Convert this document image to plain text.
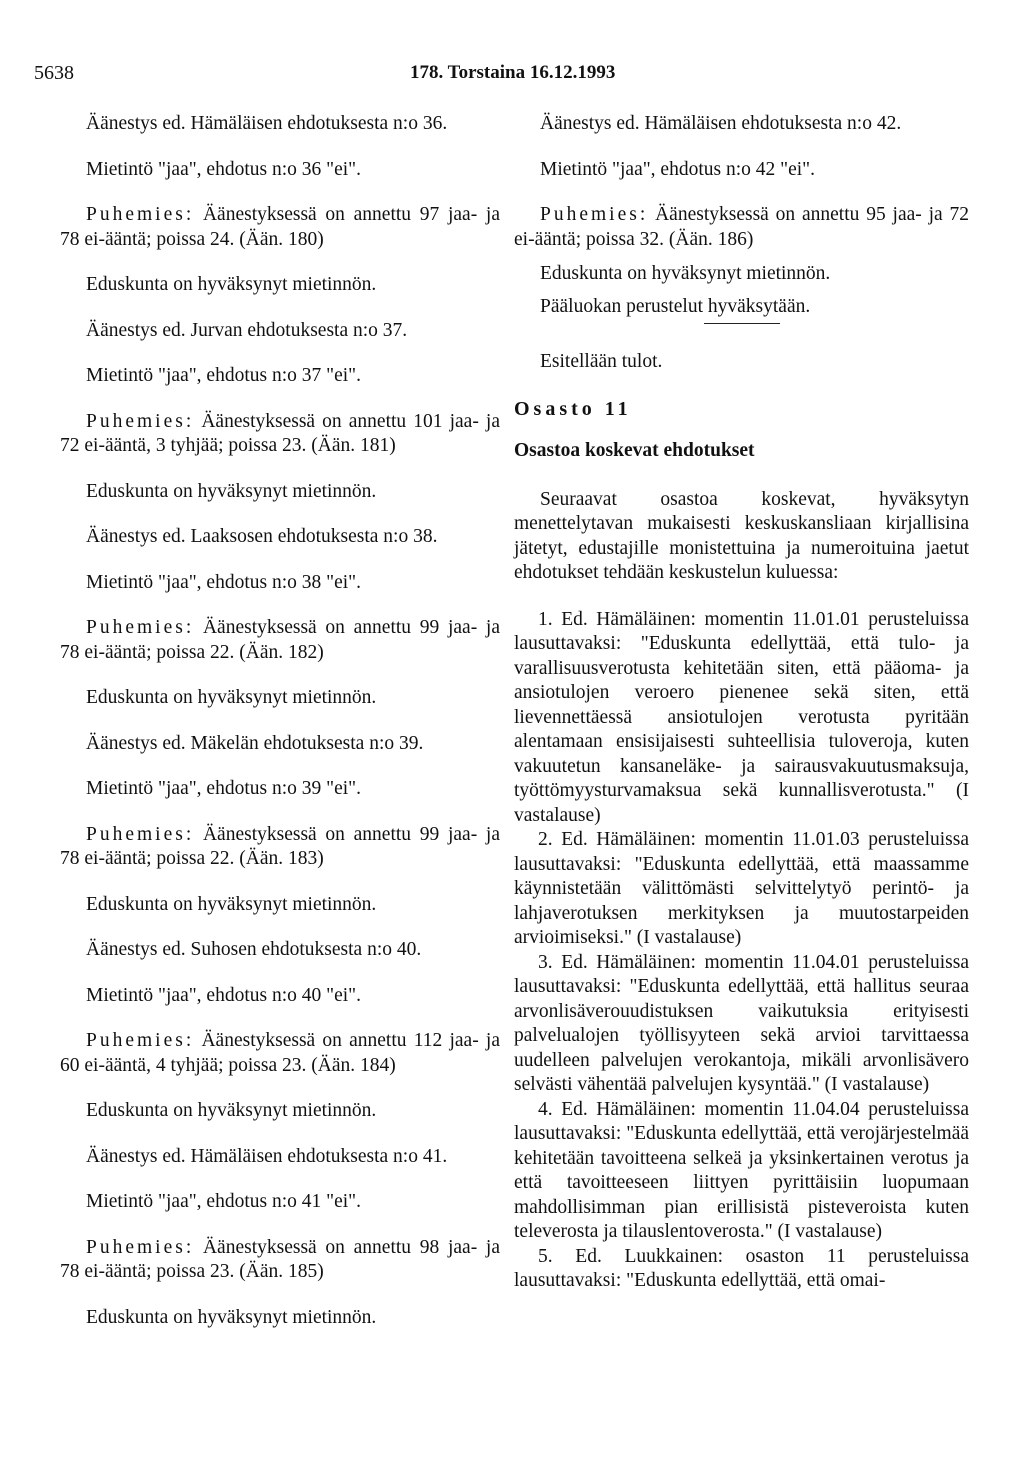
5638	178. Torstaina 16.12.1993

Äänestys ed. Hämäläisen ehdotuksesta n:o 36.

Mietintö "jaa", ehdotus n:o 36 "ei".

Puhemies: Äänestyksessä on annettu 97 jaa- ja 78 ei-ääntä; poissa 24. (Ään. 180)

Eduskunta on hyväksynyt mietinnön.

Äänestys ed. Jurvan ehdotuksesta n:o 37.

Mietintö "jaa", ehdotus n:o 37 "ei".

Puhemies: Äänestyksessä on annettu 101 jaa- ja 72 ei-ääntä, 3 tyhjää; poissa 23. (Ään. 181)

Eduskunta on hyväksynyt mietinnön.

Äänestys ed. Laaksosen ehdotuksesta n:o 38.

Mietintö "jaa", ehdotus n:o 38 "ei".

Puhemies: Äänestyksessä on annettu 99 jaa- ja 78 ei-ääntä; poissa 22. (Ään. 182)

Eduskunta on hyväksynyt mietinnön.

Äänestys ed. Mäkelän ehdotuksesta n:o 39.

Mietintö "jaa", ehdotus n:o 39 "ei".

Puhemies: Äänestyksessä on annettu 99 jaa- ja 78 ei-ääntä; poissa 22. (Ään. 183)

Eduskunta on hyväksynyt mietinnön.

Äänestys ed. Suhosen ehdotuksesta n:o 40.

Mietintö "jaa", ehdotus n:o 40 "ei".

Puhemies: Äänestyksessä on annettu 112 jaa- ja 60 ei-ääntä, 4 tyhjää; poissa 23. (Ään. 184)

Eduskunta on hyväksynyt mietinnön.

Äänestys ed. Hämäläisen ehdotuksesta n:o 41.

Mietintö "jaa", ehdotus n:o 41 "ei".

Puhemies: Äänestyksessä on annettu 98 jaa- ja 78 ei-ääntä; poissa 23. (Ään. 185)

Eduskunta on hyväksynyt mietinnön.

Äänestys ed. Hämäläisen ehdotuksesta n:o 42.

Mietintö "jaa", ehdotus n:o 42 "ei".

Puhemies: Äänestyksessä on annettu 95 jaa- ja 72 ei-ääntä; poissa 32. (Ään. 186)

Eduskunta on hyväksynyt mietinnön.

Pääluokan perustelut hyväksytään.

Esitellään tulot.

Osasto 11

Osastoa koskevat ehdotukset

Seuraavat osastoa koskevat, hyväksytyn menettelytavan mukaisesti keskuskansliaan kirjallisina jätetyt, edustajille monistettuina ja numeroituina jaetut ehdotukset tehdään keskustelun kuluessa:

1. Ed. Hämäläinen: momentin 11.01.01 perusteluissa lausuttavaksi: "Eduskunta edellyttää, että tulo- ja varallisuusverotusta kehitetään siten, että pääoma- ja ansiotulojen veroero pienenee sekä siten, että lievennettäessä ansiotulojen verotusta pyritään alentamaan ensisijaisesti suhteellisia tuloveroja, kuten vakuutetun kansaneläke- ja sairausvakuutusmaksuja, työttömyysturvamaksua sekä kunnallisverotusta." (I vastalause)

2. Ed. Hämäläinen: momentin 11.01.03 perusteluissa lausuttavaksi: "Eduskunta edellyttää, että maassamme käynnistetään välittömästi selvittelytyö perintö- ja lahjaverotuksen merkityksen ja muutostarpeiden arvioimiseksi." (I vastalause)

3. Ed. Hämäläinen: momentin 11.04.01 perusteluissa lausuttavaksi: "Eduskunta edellyttää, että hallitus seuraa arvonlisäverouudistuksen vaikutuksia erityisesti palvelualojen työllisyyteen sekä arvioi tarvittaessa uudelleen palvelujen verokantoja, mikäli arvonlisävero selvästi vähentää palvelujen kysyntää." (I vastalause)

4. Ed. Hämäläinen: momentin 11.04.04 perusteluissa lausuttavaksi: "Eduskunta edellyttää, että verojärjestelmää kehitetään tavoitteena selkeä ja yksinkertainen verotus ja että tavoitteeseen liittyen pyrittäisiin luopumaan mahdollisimman pian erillisistä pisteveroista kuten televerosta ja tilauslentoverosta." (I vastalause)

5. Ed. Luukkainen: osaston 11 perusteluissa lausuttavaksi: "Eduskunta edellyttää, että omai-
